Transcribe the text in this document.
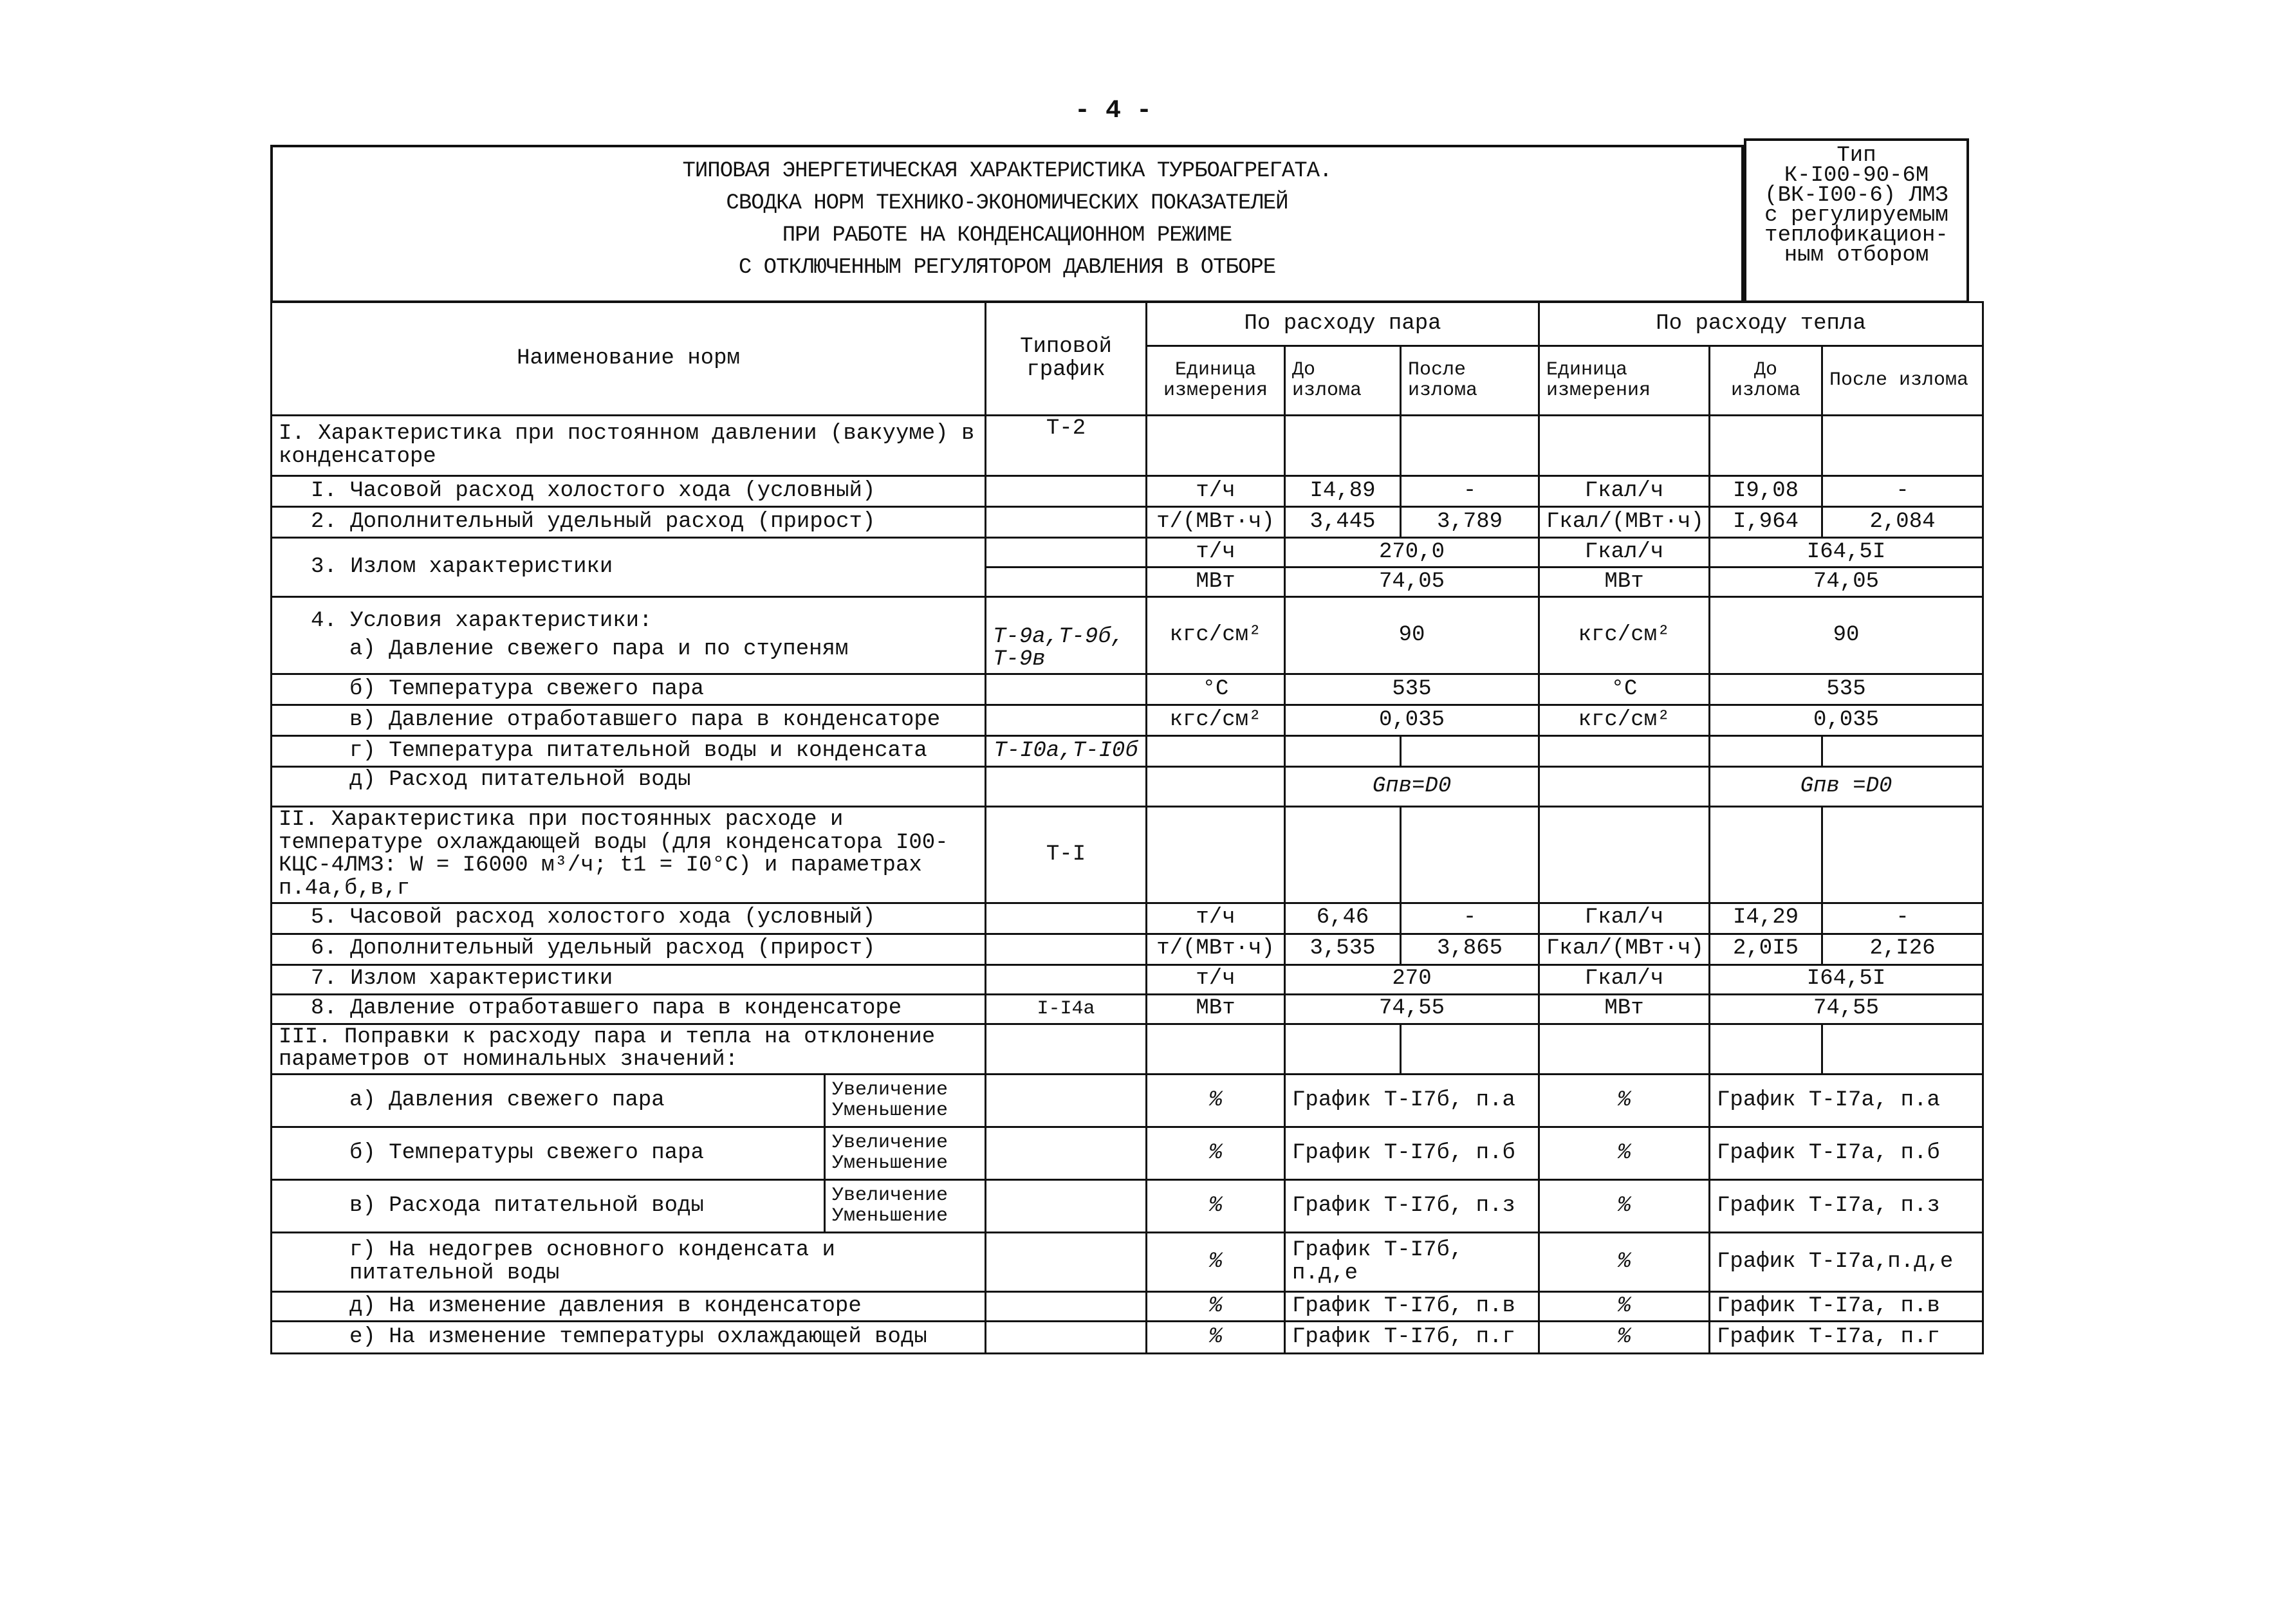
- 4 -
ТИПОВАЯ ЭНЕРГЕТИЧЕСКАЯ ХАРАКТЕРИСТИКА ТУРБОАГРЕГАТА.
СВОДКА НОРМ ТЕХНИКО-ЭКОНОМИЧЕСКИХ ПОКАЗАТЕЛЕЙ
ПРИ РАБОТЕ НА КОНДЕНСАЦИОННОМ РЕЖИМЕ
С ОТКЛЮЧЕННЫМ РЕГУЛЯТОРОМ ДАВЛЕНИЯ В ОТБОРЕ
Тип
К-I00-90-6М
(ВК-I00-6) ЛМЗ
с регулируемым
теплофикацион-
ным отбором
Наименование норм		Типовой график	По расходу пара			По расходу тепла		
			Единица измерения	До излома	После излома	Единица измерения	До излома	После излома
I. Характеристика при постоянном давлении (вакууме) в конденсаторе		Т-2						
I. Часовой расход холостого хода (условный)			т/ч	I4,89	-	Гкал/ч	I9,08	-
2. Дополнительный удельный расход (прирост)			т/(МВт·ч)	3,445	3,789	Гкал/(МВт·ч)	I,964	2,084
3. Излом характеристики			т/ч	270,0		Гкал/ч	I64,5I	
			МВт	74,05		МВт	74,05	

4. Условия характеристики:
а) Давление свежего пара и по ступеням		Т-9а,Т-9б, Т-9в	кгс/см²	90		кгс/см²	90	
б) Температура свежего пара			°С	535		°С	535	
в) Давление отработавшего пара в конденсаторе			кгс/см²	0,035		кгс/см²	0,035	
г) Температура питательной воды и конденсата		Т-I0а,Т-I0б						
д) Расход питательной воды				Gпв=D0			Gпв =D0	
II. Характеристика при постоянных расходе и температуре охлаждающей воды (для конденсатора I00-КЦС-4ЛМЗ: W = I6000 м³/ч; t1 = I0°С) и параметрах п.4а,б,в,г		Т-I						
5. Часовой расход холостого хода (условный)			т/ч	6,46	-	Гкал/ч	I4,29	-
6. Дополнительный удельный расход (прирост)			т/(МВт·ч)	3,535	3,865	Гкал/(МВт·ч)	2,0I5	2,I26
7. Излом характеристики			т/ч	270		Гкал/ч	I64,5I	
8. Давление отработавшего пара в конденсаторе		I-I4а	МВт	74,55		МВт	74,55	
III. Поправки к расходу пара и тепла на отклонение параметров от номинальных значений:								
а) Давления свежего пара	Увеличение Уменьшение		%	График Т-I7б, п.а		%	График Т-I7а, п.а	
б) Температуры свежего пара	Увеличение Уменьшение		%	График Т-I7б, п.б		%	График Т-I7а, п.б	
в) Расхода питательной воды	Увеличение Уменьшение		%	График Т-I7б, п.з		%	График Т-I7а, п.з	
г) На недогрев основного конденсата и питательной воды			%	График Т-I7б, п.д,е		%	График Т-I7а,п.д,е	
д) На изменение давления в конденсаторе			%	График Т-I7б, п.в		%	График Т-I7а, п.в	
е) На изменение температуры охлаждающей воды			%	График Т-I7б, п.г		%	График Т-I7а, п.г	
